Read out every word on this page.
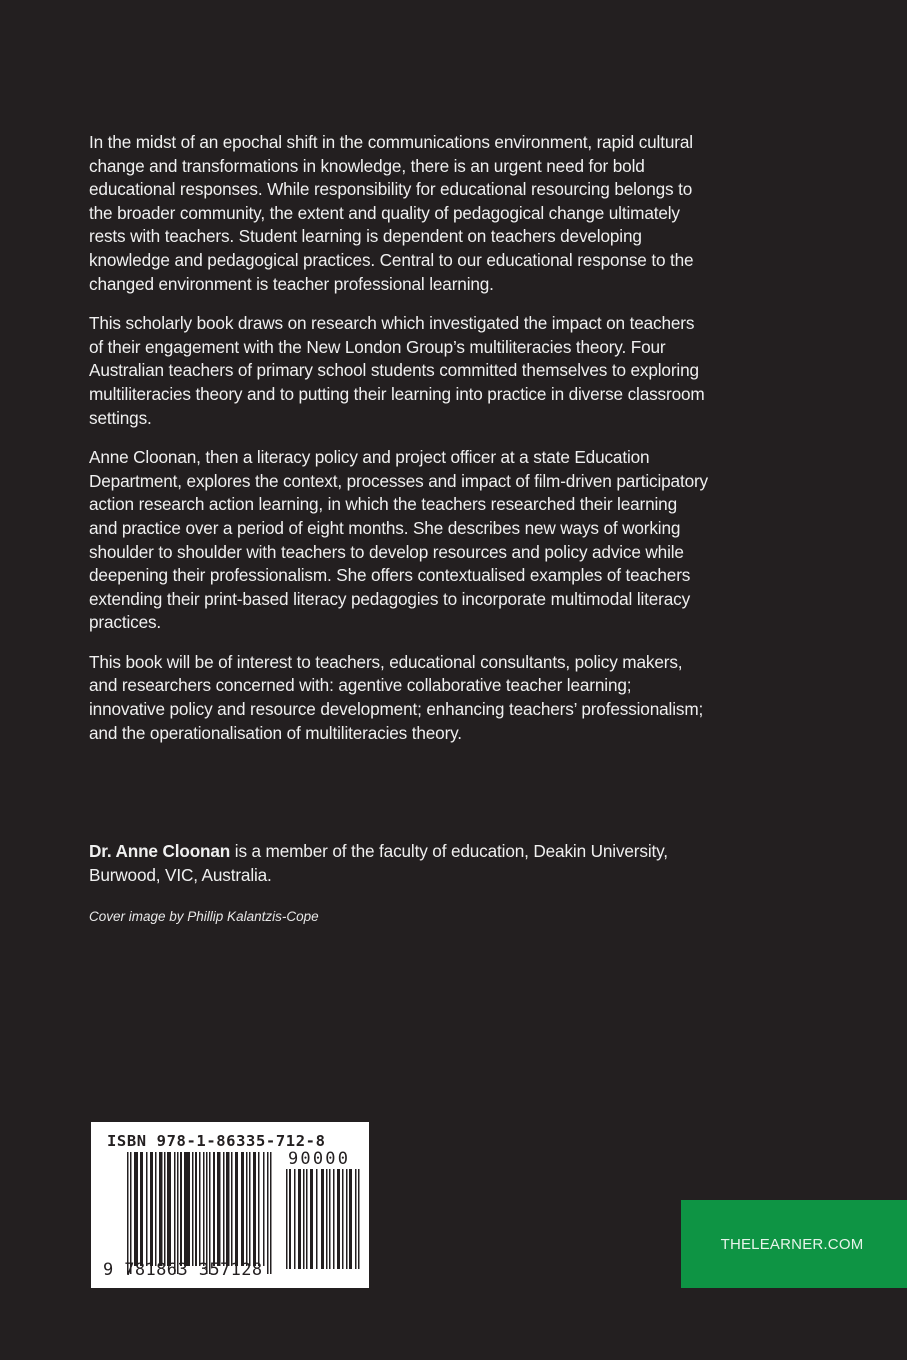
In the midst of an epochal shift in the communications environment, rapid cultural change and transformations in knowledge, there is an urgent need for bold educational responses. While responsibility for educational resourcing belongs to the broader community, the extent and quality of pedagogical change ultimately rests with teachers. Student learning is dependent on teachers developing knowledge and pedagogical practices. Central to our educational response to the changed environment is teacher professional learning.

This scholarly book draws on research which investigated the impact on teachers of their engagement with the New London Group’s multiliteracies theory. Four Australian teachers of primary school students committed themselves to exploring multiliteracies theory and to putting their learning into practice in diverse classroom settings.

Anne Cloonan, then a literacy policy and project officer at a state Education Department, explores the context, processes and impact of film-driven participatory action research action learning, in which the teachers researched their learning and practice over a period of eight months. She describes new ways of working shoulder to shoulder with teachers to develop resources and policy advice while deepening their professionalism. She offers contextualised examples of teachers extending their print-based literacy pedagogies to incorporate multimodal literacy practices.

This book will be of interest to teachers, educational consultants, policy makers, and researchers concerned with: agentive collaborative teacher learning; innovative policy and resource development; enhancing teachers’ professionalism; and the operationalisation of multiliteracies theory.

Dr. Anne Cloonan is a member of the faculty of education, Deakin University, Burwood, VIC, Australia.

Cover image by Phillip Kalantzis-Cope

ISBN 978-1-86335-712-8
90000
9 781863 357128
THELEARNER.COM
